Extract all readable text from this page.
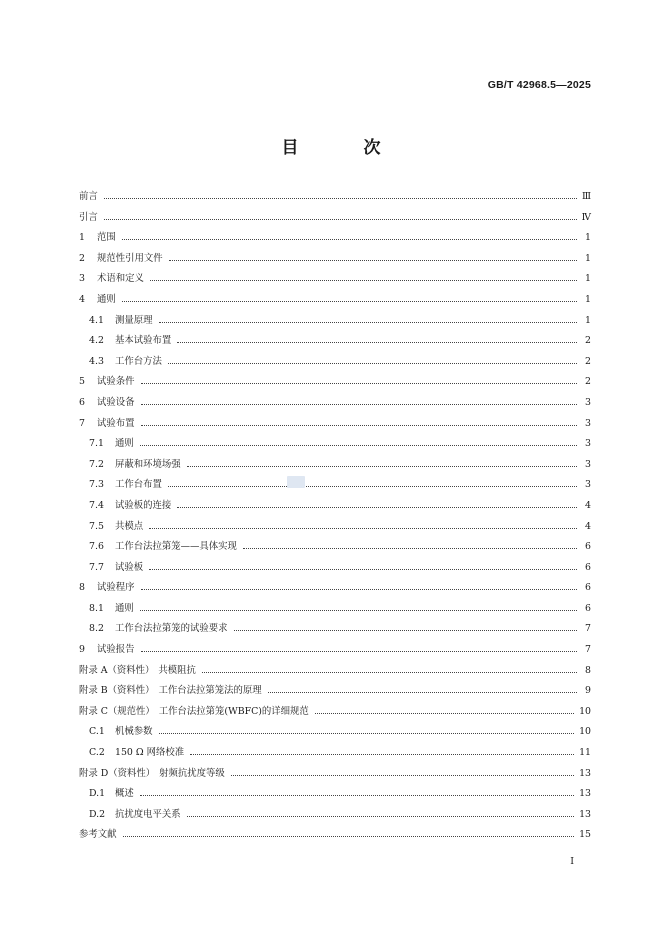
GB/T 42968.5—2025
目　次
前言	Ⅲ
引言	Ⅳ
1	范围	1
2	规范性引用文件	1
3	术语和定义	1
4	通则	1
4.1	测量原理	1
4.2	基本试验布置	2
4.3	工作台方法	2
5	试验条件	2
6	试验设备	3
7	试验布置	3
7.1	通则	3
7.2	屏蔽和环境场强	3
7.3	工作台布置	3
7.4	试验板的连接	4
7.5	共模点	4
7.6	工作台法拉第笼——具体实现	6
7.7	试验板	6
8	试验程序	6
8.1	通则	6
8.2	工作台法拉第笼的试验要求	7
9	试验报告	7
附录 A（资料性） 共模阻抗	8
附录 B（资料性） 工作台法拉第笼法的原理	9
附录 C（规范性） 工作台法拉第笼(WBFC)的详细规范	10
C.1	机械参数	10
C.2	150 Ω 网络校准	11
附录 D（资料性） 射频抗扰度等级	13
D.1	概述	13
D.2	抗扰度电平关系	13
参考文献	15
I
